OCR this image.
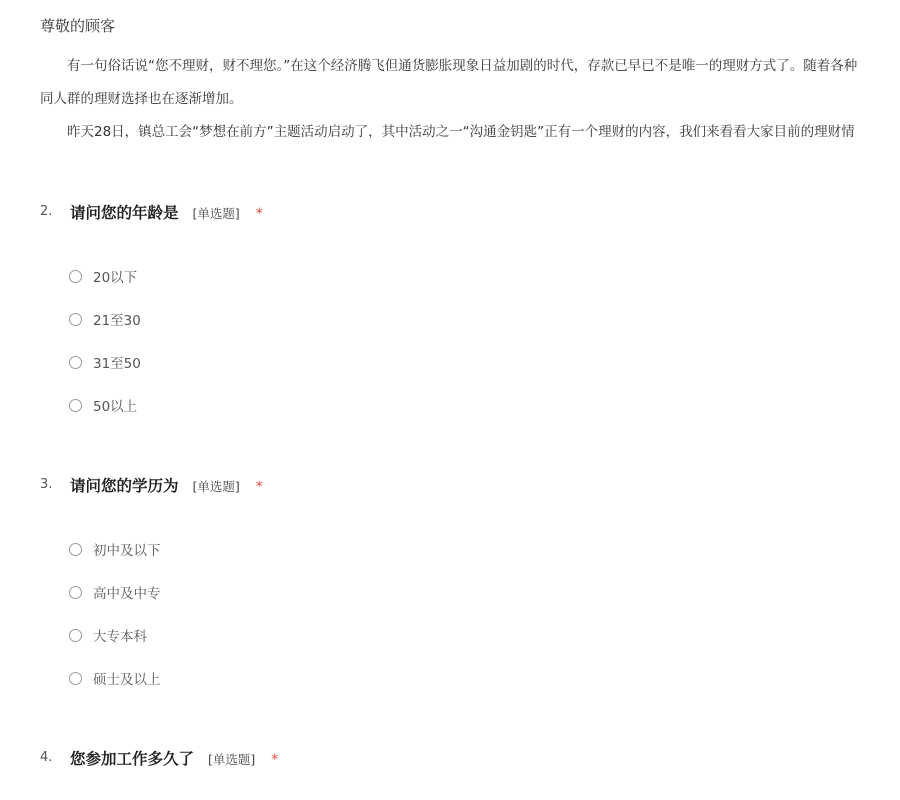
尊敬的顾客

有一句俗话说“您不理财，财不理您。”在这个经济腾飞但通货膨胀现象日益加剧的时代，存款已早已不是唯一的理财方式了。随着各种

同人群的理财选择也在逐渐增加。

昨天28日，镇总工会“梦想在前方”主题活动启动了，其中活动之一“沟通金钥匙”正有一个理财的内容，我们来看看大家目前的理财情

2. 请问您的年龄是 [单选题] *
20以下
21至30
31至50
50以上
3. 请问您的学历为 [单选题] *
初中及以下
高中及中专
大专本科
硕士及以上
4. 您参加工作多久了 [单选题] *
